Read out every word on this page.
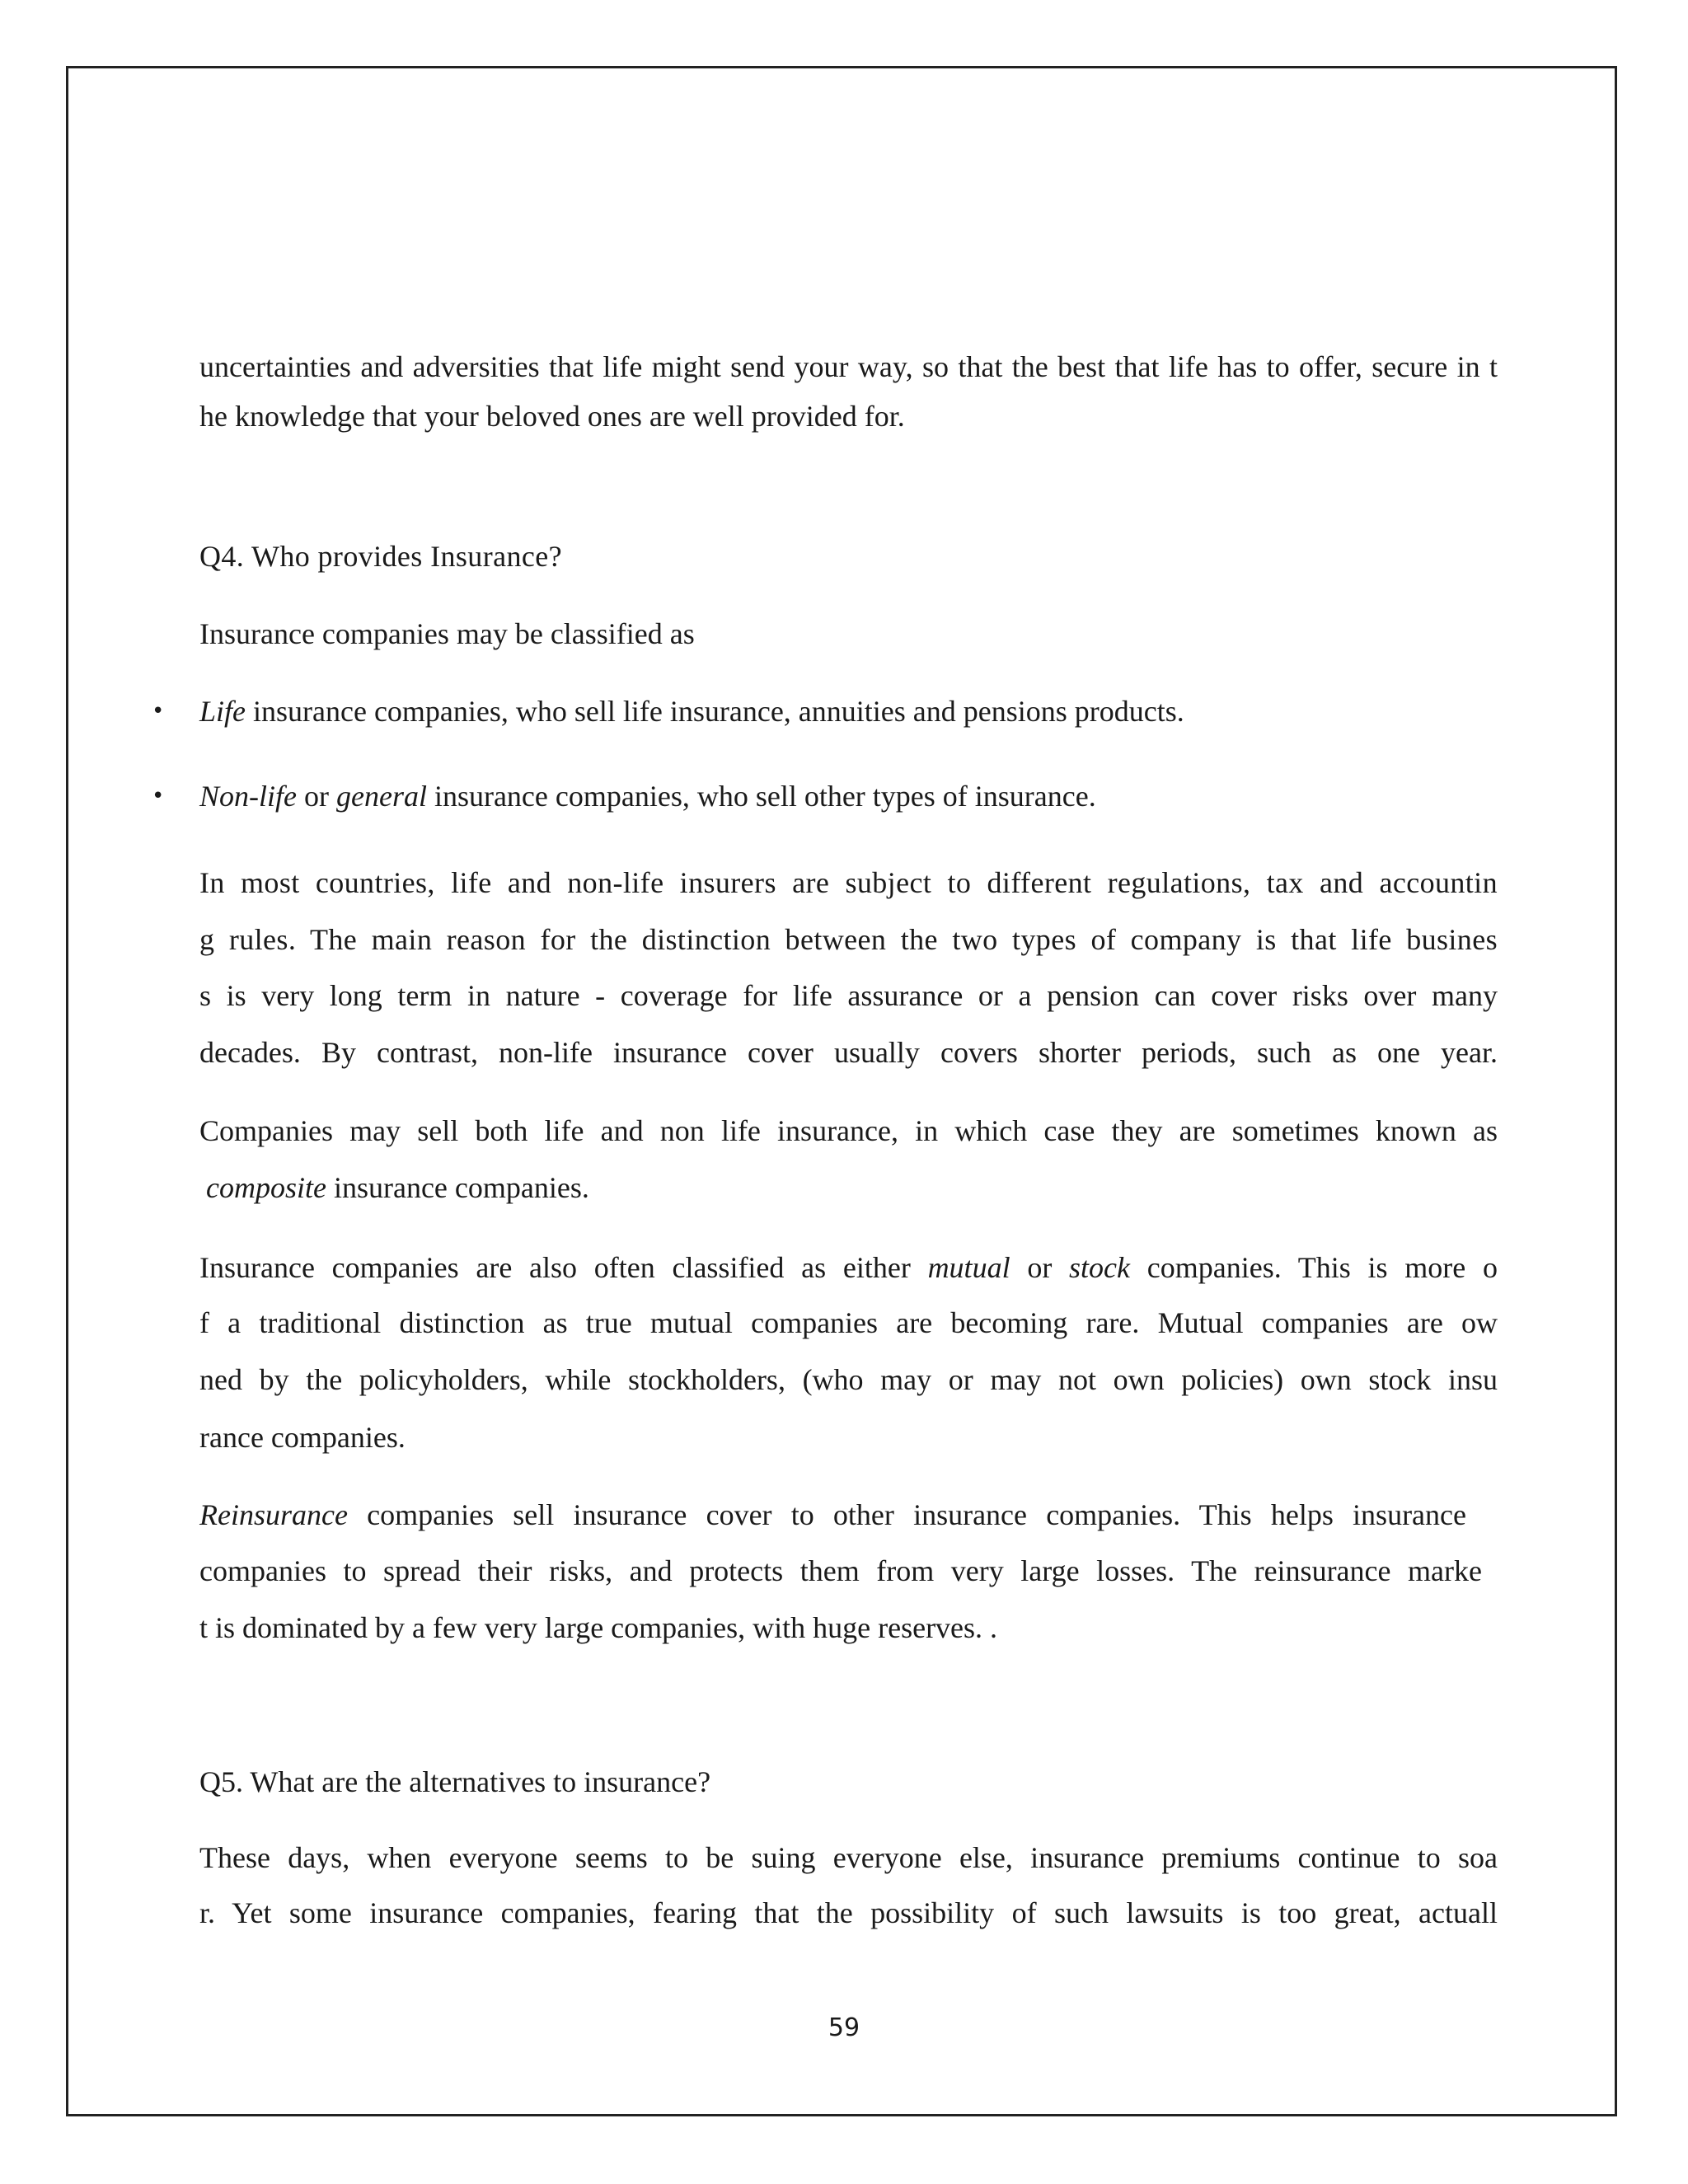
uncertainties and adversities that life might send your way, so that the best that life has to offer, secure in t
he knowledge that your beloved ones are well provided for.
Q4. Who provides Insurance?
Insurance companies may be classified as
• Life insurance companies, who sell life insurance, annuities and pensions products.
• Non-life or general insurance companies, who sell other types of insurance.
In most countries, life and non-life insurers are subject to different regulations, tax and accountin
g rules. The main reason for the distinction between the two types of company is that life busines
s is very long term in nature - coverage for life assurance or a pension can cover risks over many
decades. By contrast, non-life insurance cover usually covers shorter periods, such as one year.
Companies may sell both life and non life insurance, in which case they are sometimes known as
composite insurance companies.
Insurance companies are also often classified as either mutual or stock companies. This is more o
f a traditional distinction as true mutual companies are becoming rare. Mutual companies are ow
ned by the policyholders, while stockholders, (who may or may not own policies) own stock insu
rance companies.
Reinsurance companies sell insurance cover to other insurance companies. This helps insurance
companies to spread their risks, and protects them from very large losses. The reinsurance marke
t is dominated by a few very large companies, with huge reserves. .
Q5. What are the alternatives to insurance?
These days, when everyone seems to be suing everyone else, insurance premiums continue to soa
r. Yet some insurance companies, fearing that the possibility of such lawsuits is too great, actuall
59
